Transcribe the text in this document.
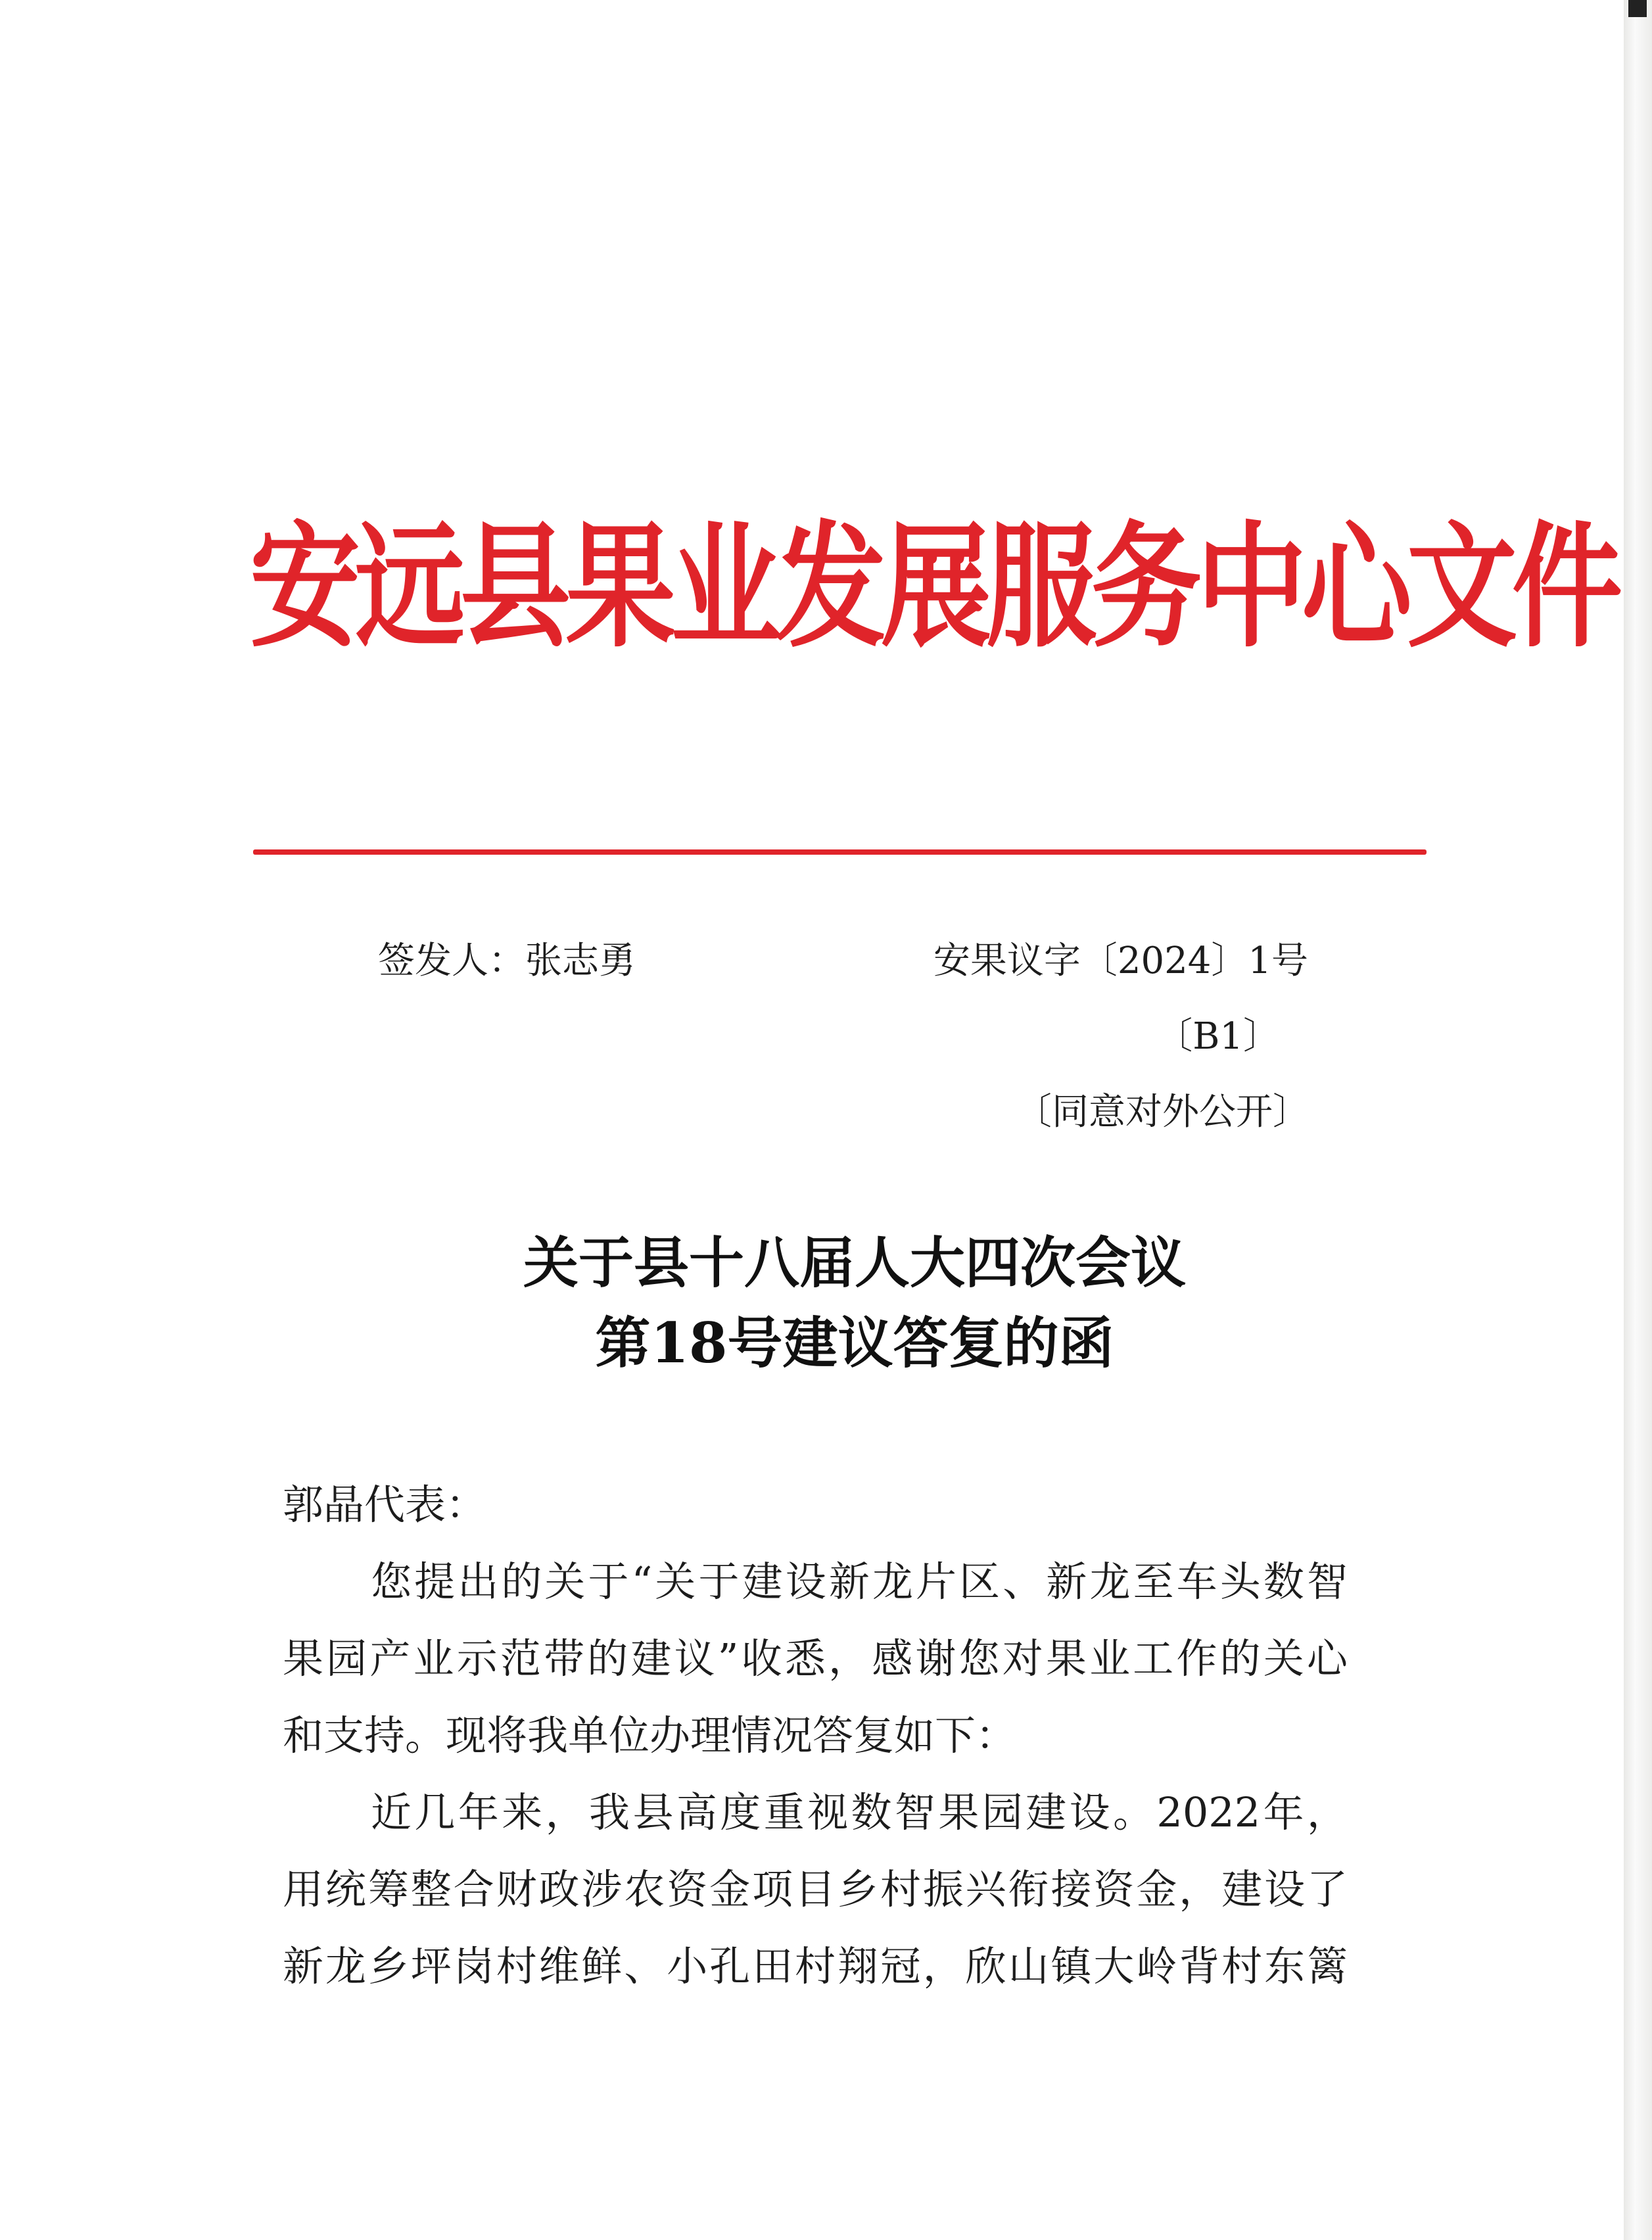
安远县果业发展服务中心文件
签发人：张志勇	安果议字〔2024〕1号
〔B1〕
〔同意对外公开〕
关于县十八届人大四次会议
第18号建议答复的函
郭晶代表：
您提出的关于“关于建设新龙片区、新龙至车头数智
果园产业示范带的建议”收悉，感谢您对果业工作的关心
和支持。现将我单位办理情况答复如下：
近几年来，我县高度重视数智果园建设。2022年，
用统筹整合财政涉农资金项目乡村振兴衔接资金，建设了
新龙乡坪岗村维鲜、小孔田村翔冠，欣山镇大岭背村东篱
